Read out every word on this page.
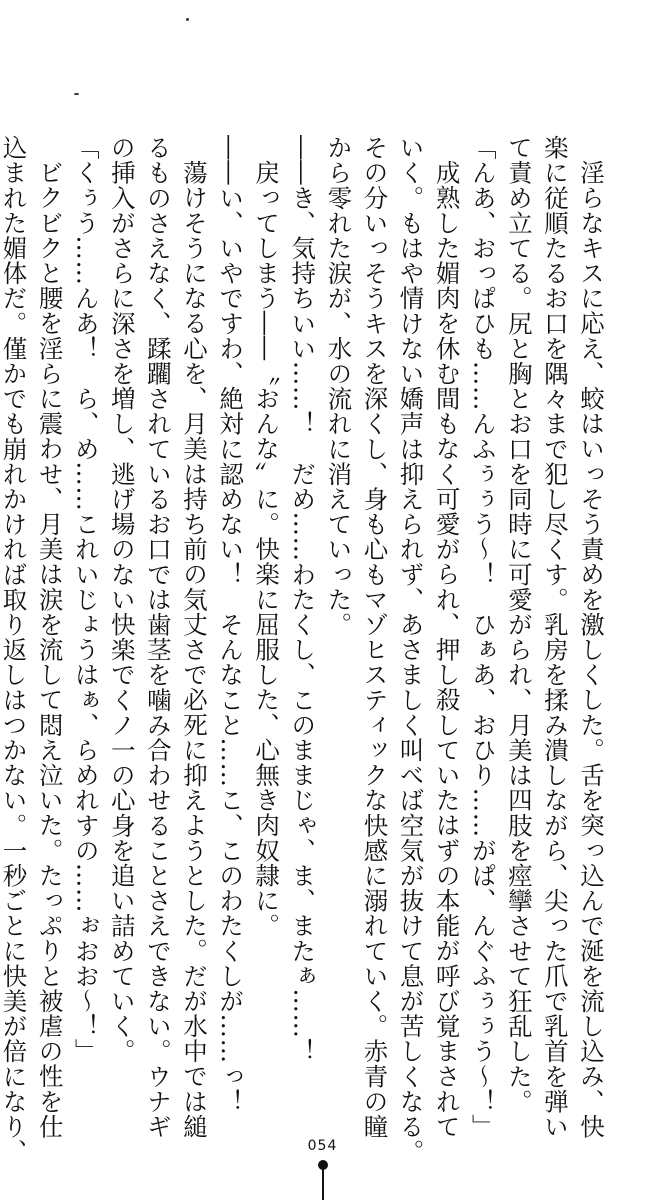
淫らなキスに応え、蛟はいっそう責めを激しくした。舌を突っ込んで涎を流し込み、快
楽に従順たるお口を隅々まで犯し尽くす。乳房を揉み潰しながら、尖った爪で乳首を弾い
て責め立てる。尻と胸とお口を同時に可愛がられ、月美は四肢を痙攣させて狂乱した。
「んあ、おっぱひも……んふぅぅう～！　ひぁあ、おひり……がぱ、んぐふぅぅう～！」
成熟した媚肉を休む間もなく可愛がられ、押し殺していたはずの本能が呼び覚まされて
いく。もはや情けない嬌声は抑えられず、あさましく叫べば空気が抜けて息が苦しくなる。
その分いっそうキスを深くし、身も心もマゾヒスティックな快感に溺れていく。赤青の瞳
から零れた涙が、水の流れに消えていった。
――き、気持ちいい……！　だめ……わたくし、このままじゃ、ま、またぁ……！
戻ってしまう――〝おんな〟に。快楽に屈服した、心無き肉奴隷に。
――い、いやですわ、絶対に認めない！　そんなこと……こ、このわたくしが……っ！
蕩けそうになる心を、月美は持ち前の気丈さで必死に抑えようとした。だが水中では縋
るものさえなく、蹂躙されているお口では歯茎を噛み合わせることさえできない。ウナギ
の挿入がさらに深さを増し、逃げ場のない快楽でくノ一の心身を追い詰めていく。
「くぅう……んあ！　ら、め……これいじょうはぁ、らめれすの……ぉおお～！」
ビクビクと腰を淫らに震わせ、月美は涙を流して悶え泣いた。たっぷりと被虐の性を仕
込まれた媚体だ。僅かでも崩れかければ取り返しはつかない。一秒ごとに快美が倍になり、	054
